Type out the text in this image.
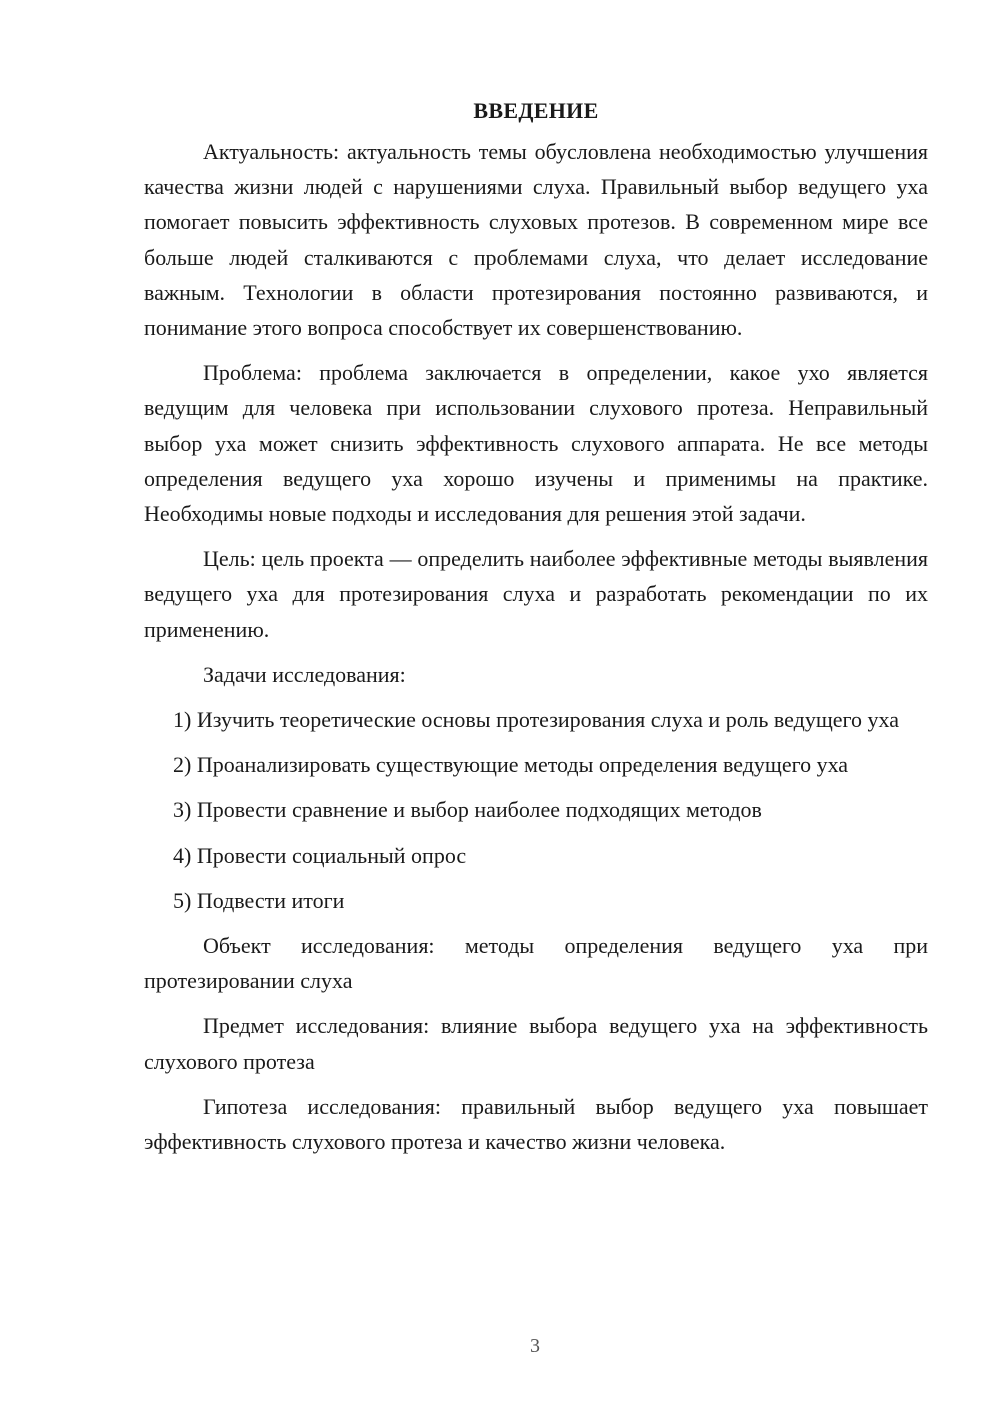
ВВЕДЕНИЕ

Актуальность: актуальность темы обусловлена необходимостью улучшения качества жизни людей с нарушениями слуха. Правильный выбор ведущего уха помогает повысить эффективность слуховых протезов. В современном мире все больше людей сталкиваются с проблемами слуха, что делает исследование важным. Технологии в области протезирования постоянно развиваются, и понимание этого вопроса способствует их совершенствованию.

Проблема: проблема заключается в определении, какое ухо является ведущим для человека при использовании слухового протеза. Неправильный выбор уха может снизить эффективность слухового аппарата. Не все методы определения ведущего уха хорошо изучены и применимы на практике. Необходимы новые подходы и исследования для решения этой задачи.

Цель: цель проекта — определить наиболее эффективные методы выявления ведущего уха для протезирования слуха и разработать рекомендации по их применению.

Задачи исследования:

1) Изучить теоретические основы протезирования слуха и роль ведущего уха

2) Проанализировать существующие методы определения ведущего уха

3) Провести сравнение и выбор наиболее подходящих методов

4) Провести социальный опрос

5) Подвести итоги

Объект исследования: методы определения ведущего уха при протезировании слуха

Предмет исследования: влияние выбора ведущего уха на эффективность слухового протеза

Гипотеза исследования: правильный выбор ведущего уха повышает эффективность слухового протеза и качество жизни человека.

3
